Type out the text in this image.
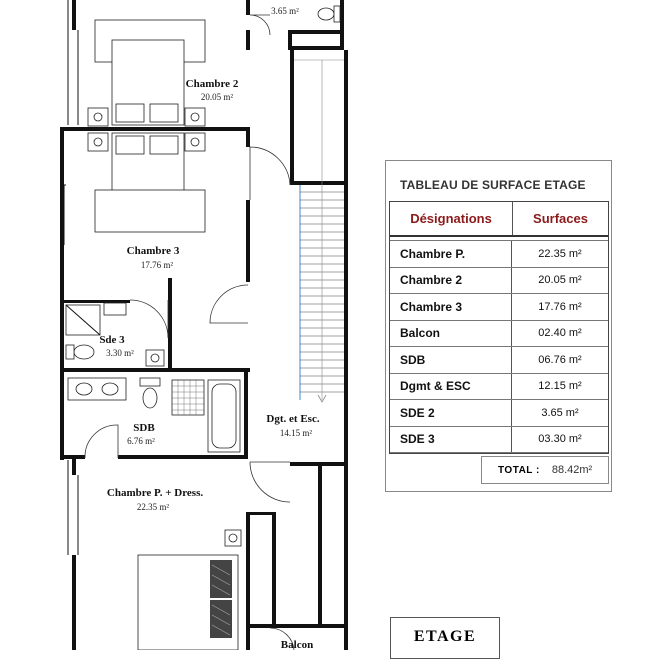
3.65 m²
Chambre 2
20.05 m²
Chambre 3
17.76 m²
Sde 3
3.30 m²
SDB
6.76 m²
Dgt. et Esc.
14.15 m²
Chambre P. + Dress.
22.35 m²
Balcon
TABLEAU DE SURFACE ETAGE
Désignations	Surfaces
Chambre P.	22.35 m²
Chambre 2	20.05 m²
Chambre 3	17.76 m²
Balcon	02.40 m²
SDB	06.76 m²
Dgmt & ESC	12.15 m²
SDE 2	3.65 m²
SDE 3	03.30 m²
TOTAL : 88.42m²
ETAGE
